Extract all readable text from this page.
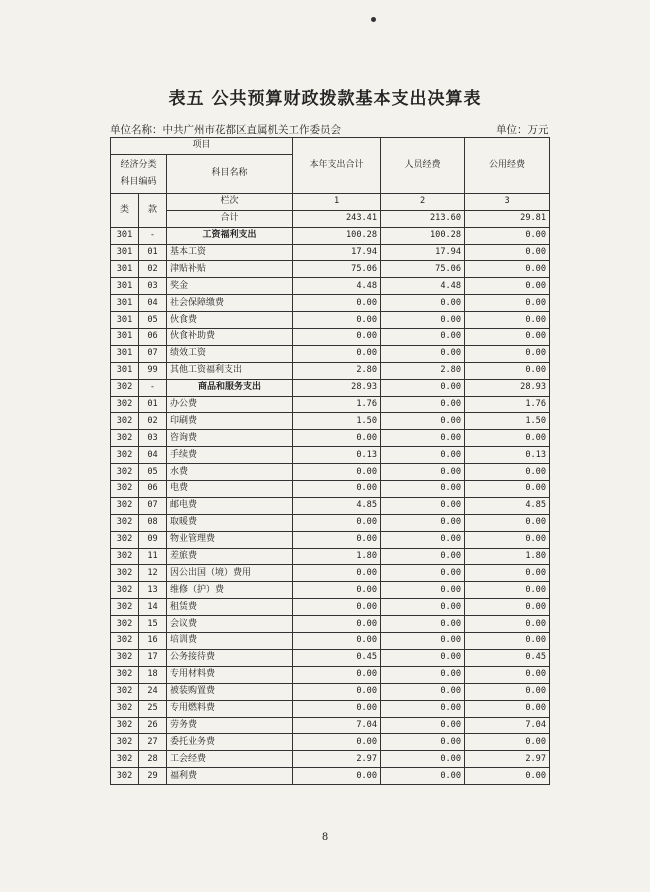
表五 公共预算财政拨款基本支出决算表
单位名称：中共广州市花都区直属机关工作委员会	单位：万元
项目			本年支出合计	人员经费	公用经费

经济分类
科目编码		科目名称			
类	款	栏次	1	2	3
		合计	243.41	213.60	29.81
301	-	工资福利支出	100.28	100.28	0.00
301	01	基本工资	17.94	17.94	0.00
301	02	津贴补贴	75.06	75.06	0.00
301	03	奖金	4.48	4.48	0.00
301	04	社会保障缴费	0.00	0.00	0.00
301	05	伙食费	0.00	0.00	0.00
301	06	伙食补助费	0.00	0.00	0.00
301	07	绩效工资	0.00	0.00	0.00
301	99	其他工资福利支出	2.80	2.80	0.00
302	-	商品和服务支出	28.93	0.00	28.93
302	01	办公费	1.76	0.00	1.76
302	02	印刷费	1.50	0.00	1.50
302	03	咨询费	0.00	0.00	0.00
302	04	手续费	0.13	0.00	0.13
302	05	水费	0.00	0.00	0.00
302	06	电费	0.00	0.00	0.00
302	07	邮电费	4.85	0.00	4.85
302	08	取暖费	0.00	0.00	0.00
302	09	物业管理费	0.00	0.00	0.00
302	11	差旅费	1.80	0.00	1.80
302	12	因公出国（境）费用	0.00	0.00	0.00
302	13	维修（护）费	0.00	0.00	0.00
302	14	租赁费	0.00	0.00	0.00
302	15	会议费	0.00	0.00	0.00
302	16	培训费	0.00	0.00	0.00
302	17	公务接待费	0.45	0.00	0.45
302	18	专用材料费	0.00	0.00	0.00
302	24	被装购置费	0.00	0.00	0.00
302	25	专用燃料费	0.00	0.00	0.00
302	26	劳务费	7.04	0.00	7.04
302	27	委托业务费	0.00	0.00	0.00
302	28	工会经费	2.97	0.00	2.97
302	29	福利费	0.00	0.00	0.00
8
